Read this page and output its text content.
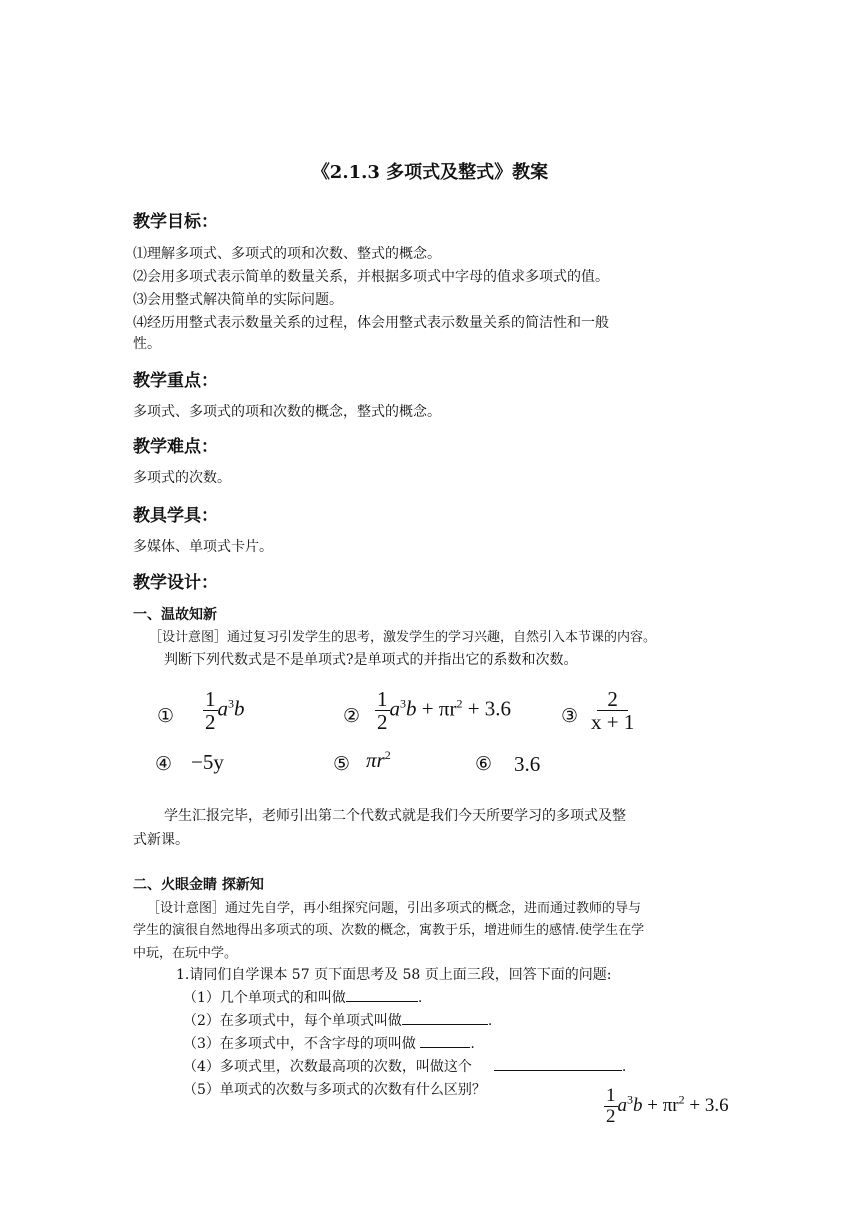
《2.1.3 多项式及整式》教案
教学目标：
⑴理解多项式、多项式的项和次数、整式的概念。
⑵会用多项式表示简单的数量关系，并根据多项式中字母的值求多项式的值。
⑶会用整式解决简单的实际问题。
⑷经历用整式表示数量关系的过程，体会用整式表示数量关系的简洁性和一般
性。
教学重点：
多项式、多项式的项和次数的概念，整式的概念。
教学难点：
多项式的次数。
教具学具：
多媒体、单项式卡片。
教学设计：
一、温故知新
［设计意图］通过复习引发学生的思考，激发学生的学习兴趣，自然引入本节课的内容。
判断下列代数式是不是单项式?是单项式的并指出它的系数和次数。
① $\frac{1}{2} a^3b$	② $\frac{1}{2} a^3b + \pi r^2 + 3.6$	③ $\frac{2}{x + 1}$
④ −5y	⑤ $\pi r^2$	⑥ 3.6
学生汇报完毕，老师引出第二个代数式就是我们今天所要学习的多项式及整
式新课。
二、火眼金睛 探新知
［设计意图］通过先自学，再小组探究问题，引出多项式的概念，进而通过教师的导与
学生的演很自然地得出多项式的项、次数的概念，寓教于乐，增进师生的感情.使学生在学
中玩，在玩中学。
1.请同们自学课本 57 页下面思考及 58 页上面三段，回答下面的问题:
（1）几个单项式的和叫做	.
（2）在多项式中，每个单项式叫做	.
（3）在多项式中，不含字母的项叫做	.
（4）多项式里，次数最高项的次数，叫做这个	.
（5）单项式的次数与多项式的次数有什么区别？	$\frac{1}{2} a^3b + \pi r^2 + 3.6$
